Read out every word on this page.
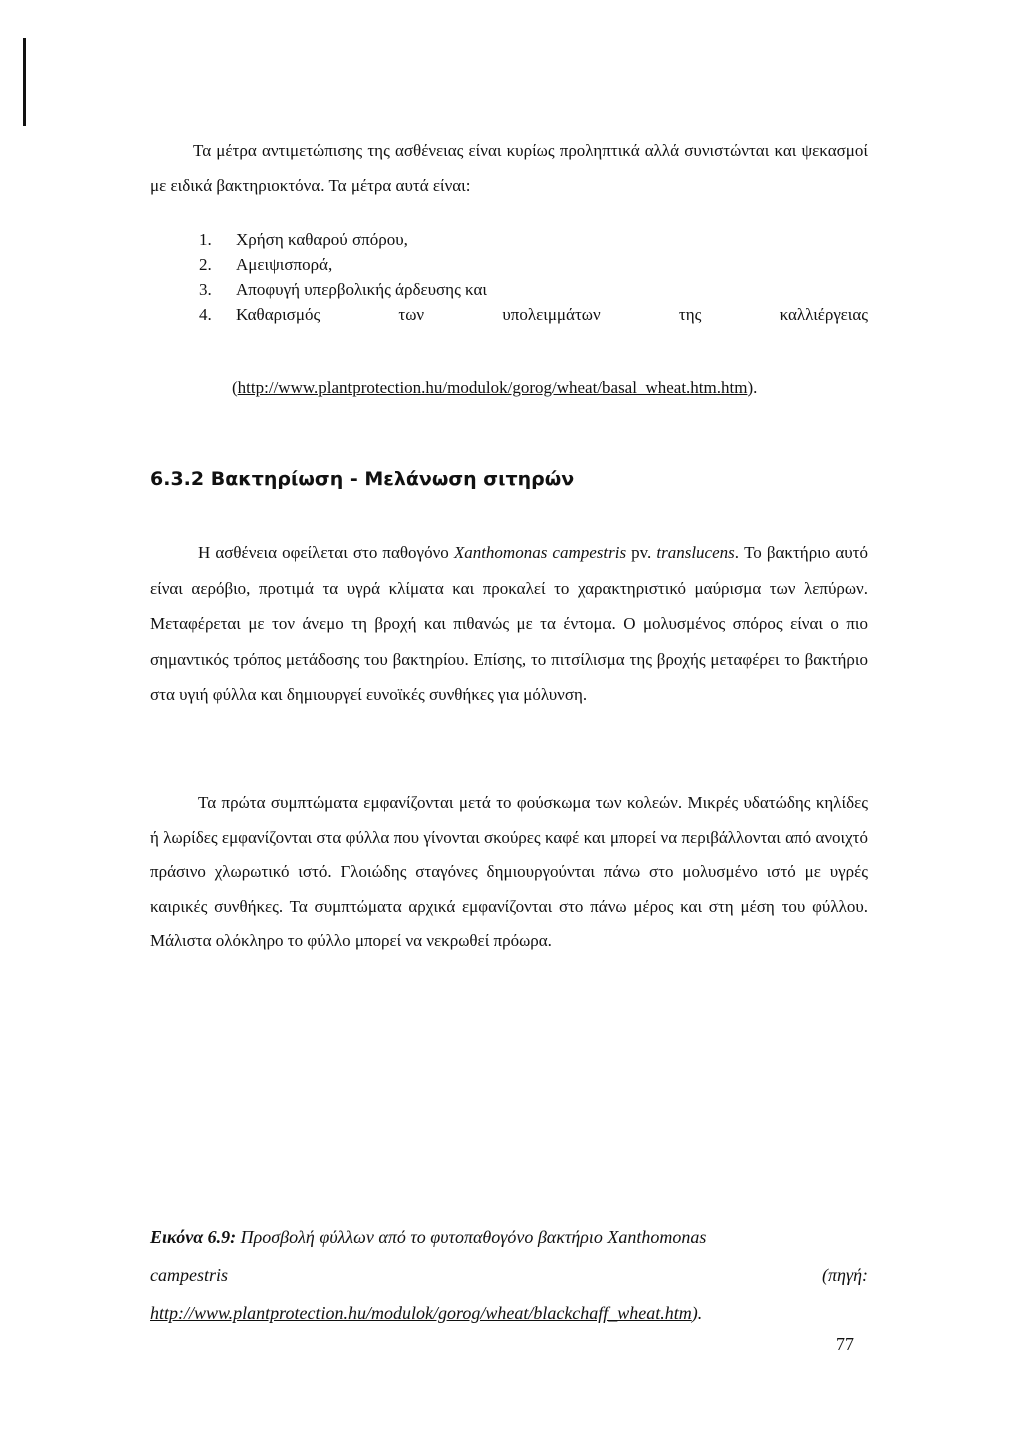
Τα μέτρα αντιμετώπισης της ασθένειας είναι κυρίως προληπτικά αλλά συνιστώνται και ψεκασμοί με ειδικά βακτηριοκτόνα. Τα μέτρα αυτά είναι:

1.	Χρήση καθαρού σπόρου,
2.	Αμειψισπορά,
3.	Αποφυγή υπερβολικής άρδευσης και
4.	Καθαρισμός	των	υπολειμμάτων	της	καλλιέργειας
(http://www.plantprotection.hu/modulok/gorog/wheat/basal_wheat.htm.htm).
6.3.2 Βακτηρίωση - Μελάνωση σιτηρών

Η ασθένεια οφείλεται στο παθογόνο Xanthomonas campestris pv. translucens. Το βακτήριο αυτό είναι αερόβιο, προτιμά τα υγρά κλίματα και προκαλεί το χαρακτηριστικό μαύρισμα των λεπύρων. Μεταφέρεται με τον άνεμο τη βροχή και πιθανώς με τα έντομα. Ο μολυσμένος σπόρος είναι ο πιο σημαντικός τρόπος μετάδοσης του βακτηρίου. Επίσης, το πιτσίλισμα της βροχής μεταφέρει το βακτήριο στα υγιή φύλλα και δημιουργεί ευνοϊκές συνθήκες για μόλυνση.

Τα πρώτα συμπτώματα εμφανίζονται μετά το φούσκωμα των κολεών. Μικρές υδατώδης κηλίδες ή λωρίδες εμφανίζονται στα φύλλα που γίνονται σκούρες καφέ και μπορεί να περιβάλλονται από ανοιχτό πράσινο χλωρωτικό ιστό. Γλοιώδης σταγόνες δημιουργούνται πάνω στο μολυσμένο ιστό με υγρές καιρικές συνθήκες. Τα συμπτώματα αρχικά εμφανίζονται στο πάνω μέρος και στη μέση του φύλλου. Μάλιστα ολόκληρο το φύλλο μπορεί να νεκρωθεί πρόωρα.

Εικόνα 6.9: Προσβολή φύλλων από το φυτοπαθογόνο βακτήριο Xanthomonas
campestris	(πηγή:
http://www.plantprotection.hu/modulok/gorog/wheat/blackchaff_wheat.htm).
77
